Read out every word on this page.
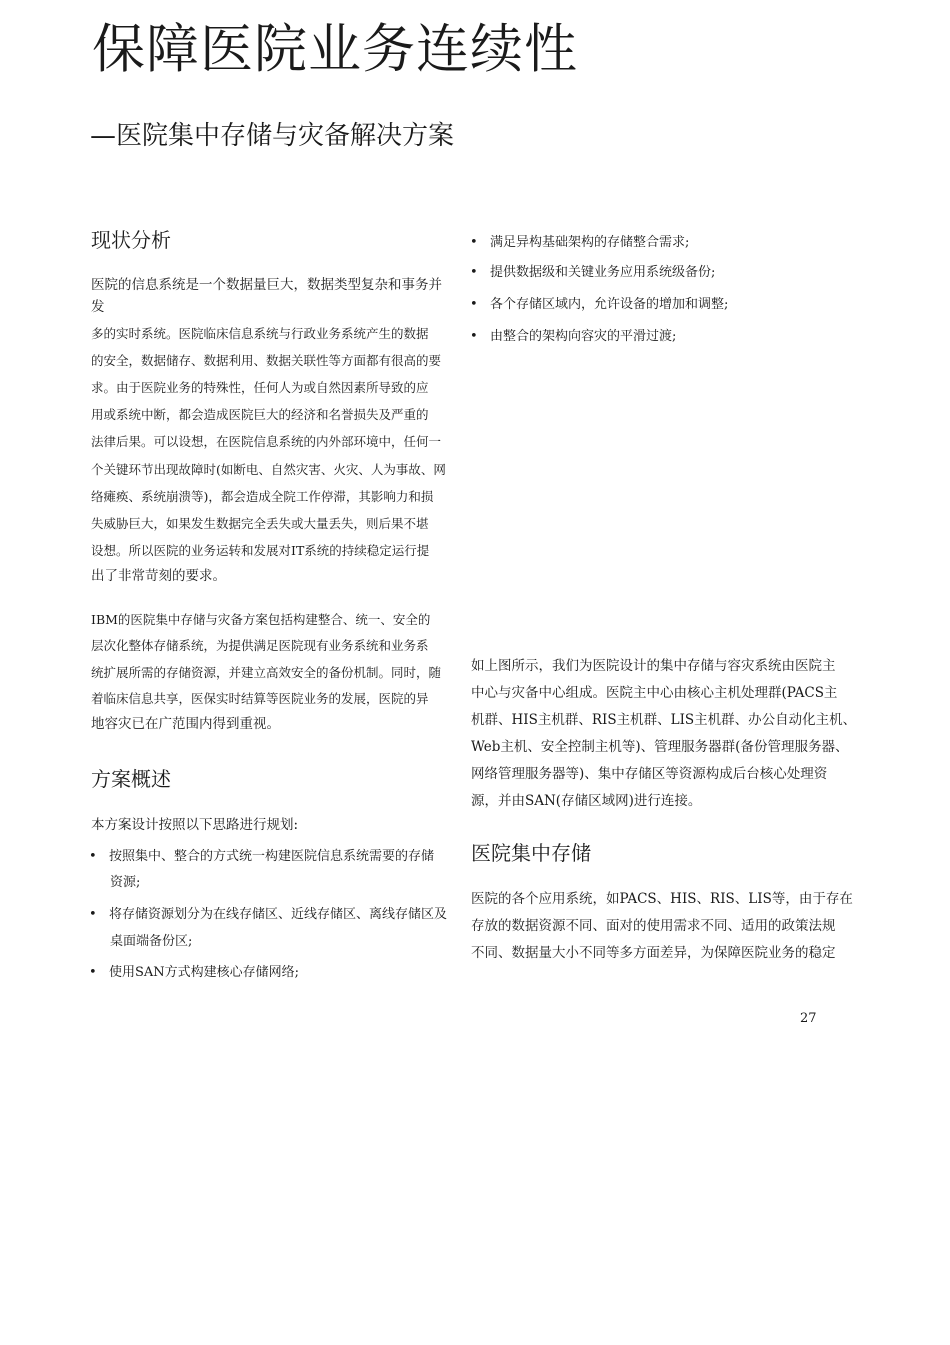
保障医院业务连续性
—医院集中存储与灾备解决方案
现状分析
医院的信息系统是一个数据量巨大，数据类型复杂和事务并
发
多的实时系统。医院临床信息系统与行政业务系统产生的数据
的安全，数据储存、数据利用、数据关联性等方面都有很高的要
求。由于医院业务的特殊性，任何人为或自然因素所导致的应
用或系统中断，都会造成医院巨大的经济和名誉损失及严重的
法律后果。可以设想，在医院信息系统的内外部环境中，任何一
个关键环节出现故障时(如断电、自然灾害、火灾、人为事故、网
络瘫痪、系统崩溃等)，都会造成全院工作停滞，其影响力和损
失威胁巨大，如果发生数据完全丢失或大量丢失，则后果不堪
设想。所以医院的业务运转和发展对IT系统的持续稳定运行提
出了非常苛刻的要求。
IBM的医院集中存储与灾备方案包括构建整合、统一、安全的
层次化整体存储系统，为提供满足医院现有业务系统和业务系
统扩展所需的存储资源，并建立高效安全的备份机制。同时，随
着临床信息共享，医保实时结算等医院业务的发展，医院的异
地容灾已在广范围内得到重视。
方案概述
本方案设计按照以下思路进行规划:
• 按照集中、整合的方式统一构建医院信息系统需要的存储
资源;
• 将存储资源划分为在线存储区、近线存储区、离线存储区及
桌面端备份区;
• 使用SAN方式构建核心存储网络;
• 满足异构基础架构的存储整合需求;
• 提供数据级和关键业务应用系统级备份;
• 各个存储区域内，允许设备的增加和调整;
• 由整合的架构向容灾的平滑过渡;
如上图所示，我们为医院设计的集中存储与容灾系统由医院主
中心与灾备中心组成。医院主中心由核心主机处理群(PACS主
机群、HIS主机群、RIS主机群、LIS主机群、办公自动化主机、
Web主机、安全控制主机等)、管理服务器群(备份管理服务器、
网络管理服务器等)、集中存储区等资源构成后台核心处理资
源，并由SAN(存储区域网)进行连接。
医院集中存储
医院的各个应用系统，如PACS、HIS、RIS、LIS等，由于存在
存放的数据资源不同、面对的使用需求不同、适用的政策法规
不同、数据量大小不同等多方面差异，为保障医院业务的稳定
27
